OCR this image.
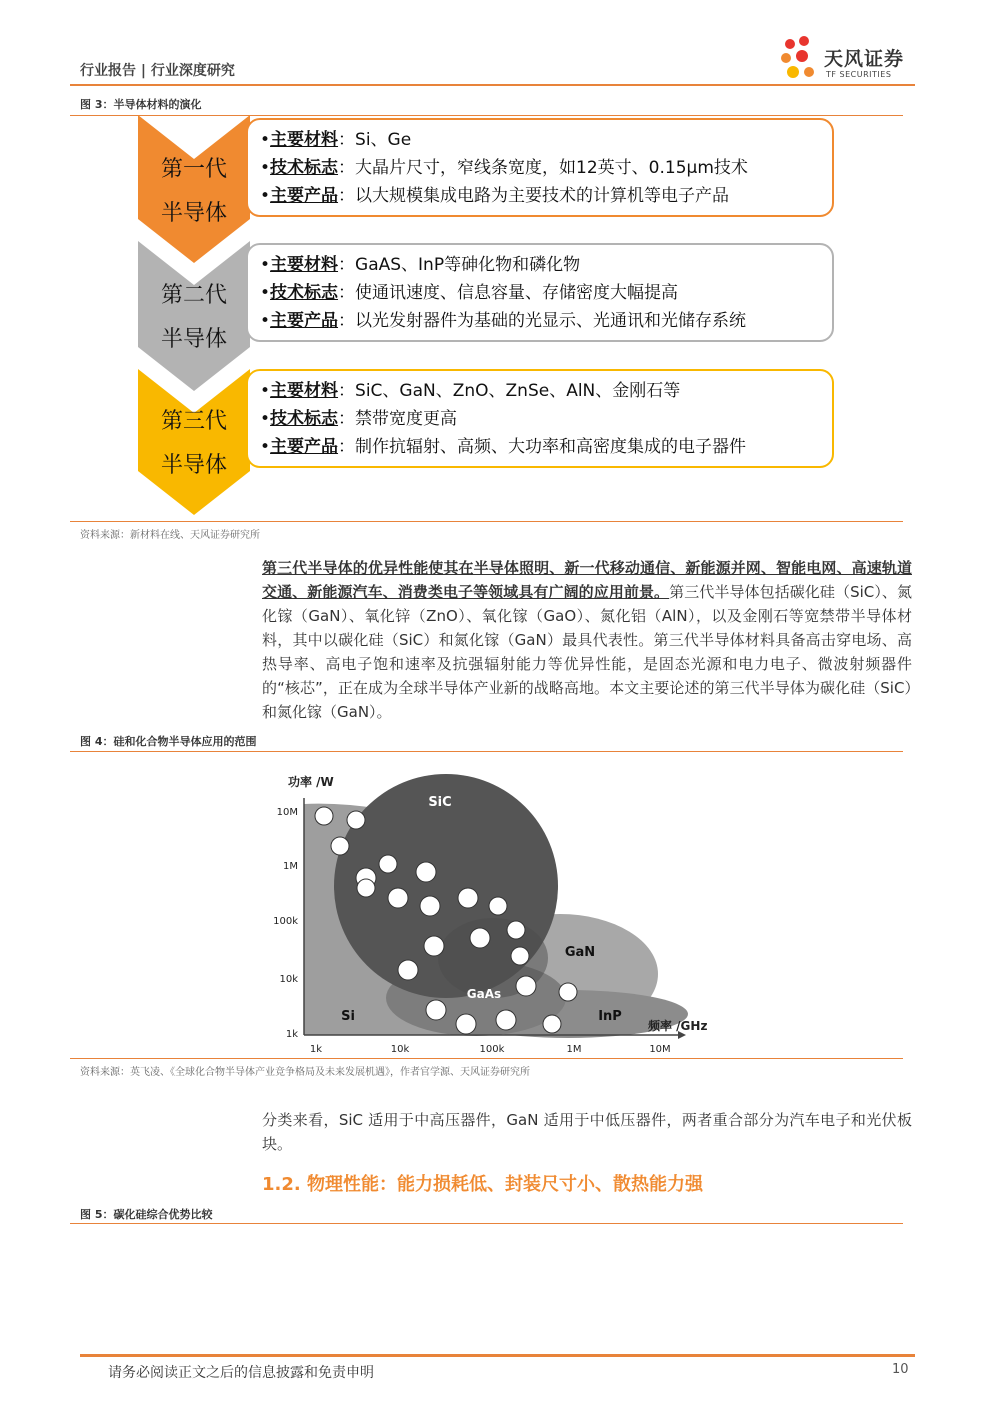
行业报告 | 行业深度研究
天风证券
TF SECURITIES
图 3：半导体材料的演化
第一代
半导体
第二代
半导体
第三代
半导体
•主要材料：Si、Ge
•技术标志：大晶片尺寸，窄线条宽度，如12英寸、0.15μm技术
•主要产品：以大规模集成电路为主要技术的计算机等电子产品
•主要材料：GaAS、InP等砷化物和磷化物
•技术标志：使通讯速度、信息容量、存储密度大幅提高
•主要产品：以光发射器件为基础的光显示、光通讯和光储存系统
•主要材料：SiC、GaN、ZnO、ZnSe、AlN、金刚石等
•技术标志：禁带宽度更高
•主要产品：制作抗辐射、高频、大功率和高密度集成的电子器件
资料来源：新材料在线、天风证券研究所
第三代半导体的优异性能使其在半导体照明、新一代移动通信、新能源并网、智能电网、高速轨道交通、新能源汽车、消费类电子等领域具有广阔的应用前景。第三代半导体包括碳化硅（SiC）、氮化镓（GaN）、氧化锌（ZnO）、氧化镓（GaO）、氮化铝（AlN），以及金刚石等宽禁带半导体材料，其中以碳化硅（SiC）和氮化镓（GaN）最具代表性。第三代半导体材料具备高击穿电场、高热导率、高电子饱和速率及抗强辐射能力等优异性能，是固态光源和电力电子、微波射频器件的“核芯”，正在成为全球半导体产业新的战略高地。本文主要论述的第三代半导体为碳化硅（SiC）和氮化镓（GaN）。
图 4：硅和化合物半导体应用的范围
SiC
GaN
GaAs
Si	InP
功率 /W
频率 /GHz
10M
1M
100k
10k
1k
1k	10k	100k	1M	10M
资料来源：英飞凌、《全球化合物半导体产业竞争格局及未来发展机遇》，作者官学源、天风证券研究所
分类来看，SiC 适用于中高压器件，GaN 适用于中低压器件，两者重合部分为汽车电子和光伏板块。
1.2. 物理性能：能力损耗低、封装尺寸小、散热能力强
图 5：碳化硅综合优势比较
请务必阅读正文之后的信息披露和免责申明	10
